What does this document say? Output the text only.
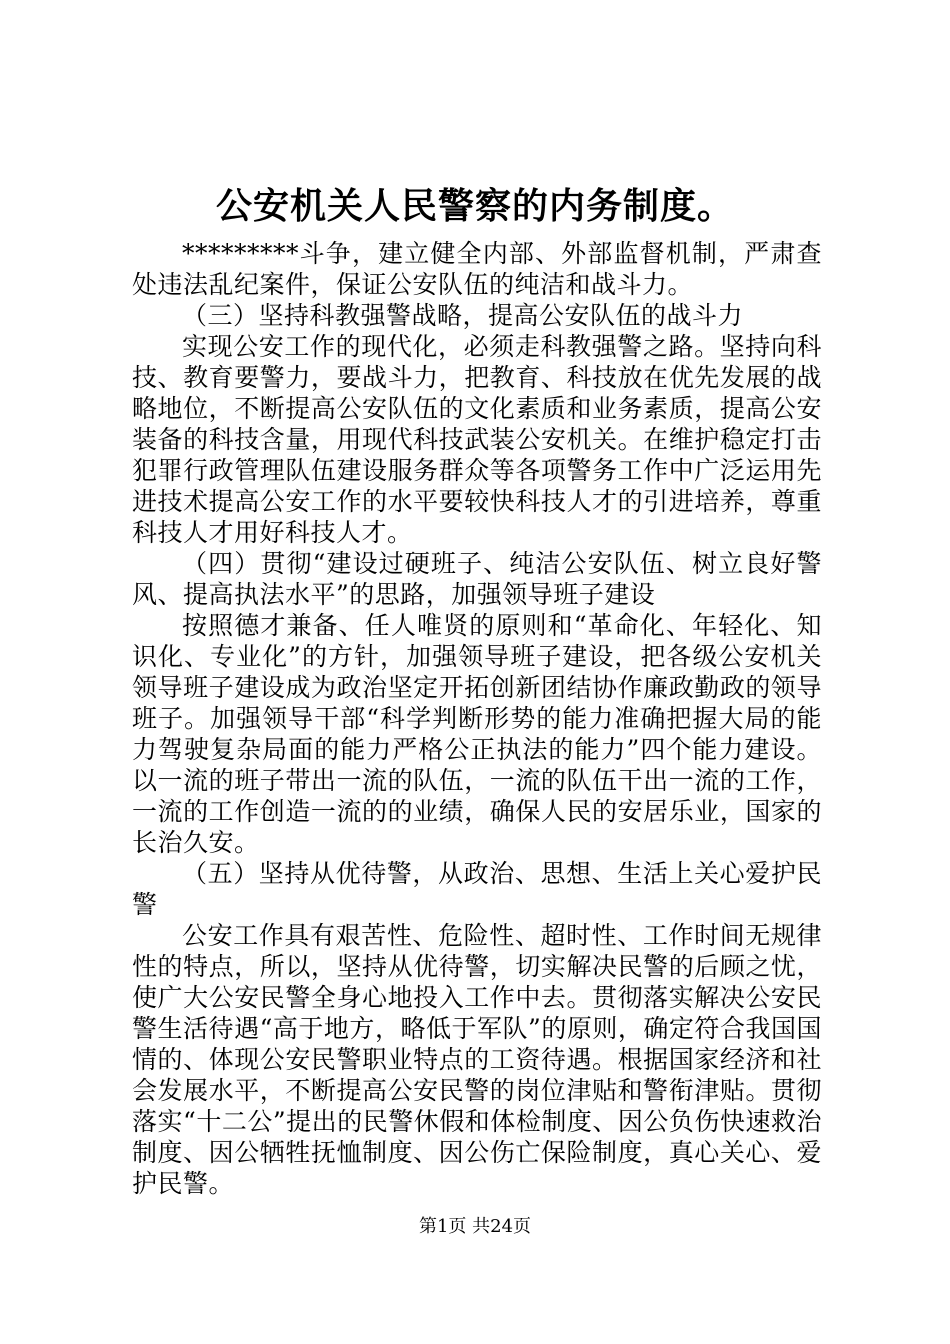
公安机关人民警察的内务制度。

*********斗争，建立健全内部、外部监督机制，严肃查处违法乱纪案件，保证公安队伍的纯洁和战斗力。

（三）坚持科教强警战略，提高公安队伍的战斗力

实现公安工作的现代化，必须走科教强警之路。坚持向科技、教育要警力，要战斗力，把教育、科技放在优先发展的战略地位，不断提高公安队伍的文化素质和业务素质，提高公安装备的科技含量，用现代科技武装公安机关。在维护稳定打击犯罪行政管理队伍建设服务群众等各项警务工作中广泛运用先进技术提高公安工作的水平要较快科技人才的引进培养，尊重科技人才用好科技人才。

（四）贯彻“建设过硬班子、纯洁公安队伍、树立良好警风、提高执法水平”的思路，加强领导班子建设

按照德才兼备、任人唯贤的原则和“革命化、年轻化、知识化、专业化”的方针，加强领导班子建设，把各级公安机关领导班子建设成为政治坚定开拓创新团结协作廉政勤政的领导班子。加强领导干部“科学判断形势的能力准确把握大局的能力驾驶复杂局面的能力严格公正执法的能力”四个能力建设。以一流的班子带出一流的队伍，一流的队伍干出一流的工作，一流的工作创造一流的的业绩，确保人民的安居乐业，国家的长治久安。

（五）坚持从优待警，从政治、思想、生活上关心爱护民警

公安工作具有艰苦性、危险性、超时性、工作时间无规律性的特点，所以，坚持从优待警，切实解决民警的后顾之忧，使广大公安民警全身心地投入工作中去。贯彻落实解决公安民警生活待遇“高于地方，略低于军队”的原则，确定符合我国国情的、体现公安民警职业特点的工资待遇。根据国家经济和社会发展水平，不断提高公安民警的岗位津贴和警衔津贴。贯彻落实“十二公”提出的民警休假和体检制度、因公负伤快速救治制度、因公牺牲抚恤制度、因公伤亡保险制度，真心关心、爱护民警。

第1页 共24页
